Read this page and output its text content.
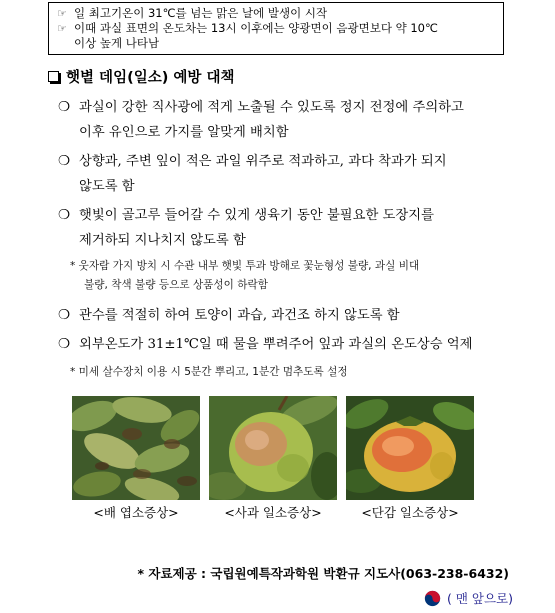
☞ 일 최고기온이 31℃를 넘는 맑은 날에 발생이 시작
☞ 이때 과실 표면의 온도차는 13시 이후에는 양광면이 음광면보다 약 10℃
이상 높게 나타남
햇볕 데임(일소) 예방 대책
❍ 과실이 강한 직사광에 적게 노출될 수 있도록 정지 전정에 주의하고
이후 유인으로 가지를 알맞게 배치함
❍ 상향과, 주변 잎이 적은 과일 위주로 적과하고, 과다 착과가 되지
않도록 함
❍ 햇빛이 골고루 들어갈 수 있게 생육기 동안 불필요한 도장지를
제거하되 지나치지 않도록 함
* 웃자람 가지 방치 시 수관 내부 햇빛 투과 방해로 꽃눈형성 불량, 과실 비대
불량, 착색 불량 등으로 상품성이 하락함
❍ 관수를 적절히 하여 토양이 과습, 과건조 하지 않도록 함
❍ 외부온도가 31±1℃일 때 물을 뿌려주어 잎과 과실의 온도상승 억제
* 미세 살수장치 이용 시 5분간 뿌리고, 1분간 멈추도록 설정
<배 엽소증상>	<사과 일소증상>	<단감 일소증상>
* 자료제공 : 국립원예특작과학원 박환규 지도사(063-238-6432)
( 맨 앞으로)
